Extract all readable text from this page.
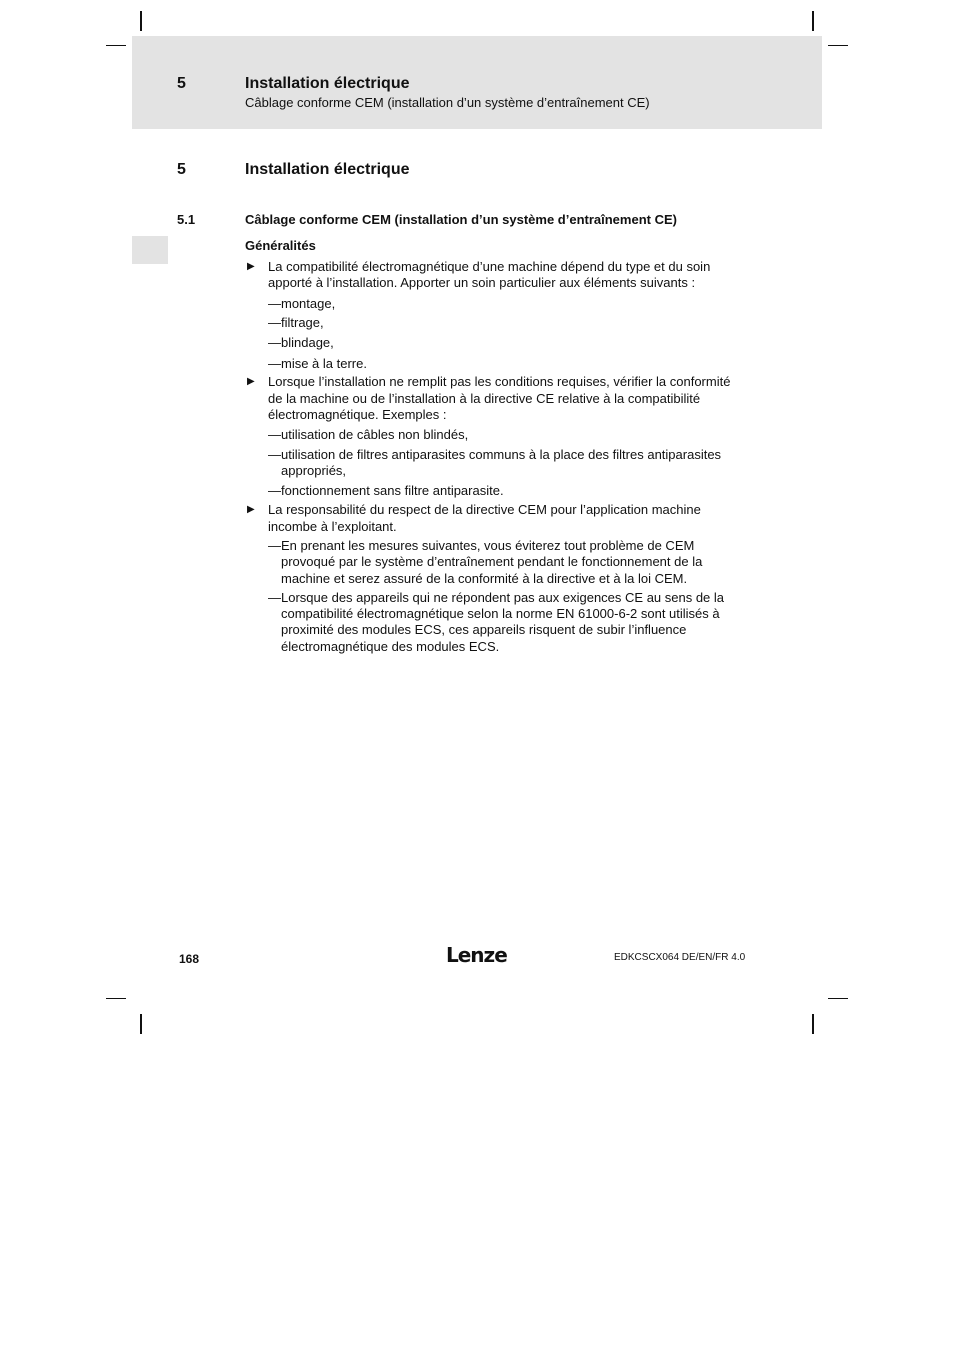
5	Installation électrique
Câblage conforme CEM (installation d’un système d’entraînement CE)
5	Installation électrique
5.1	Câblage conforme CEM (installation d’un système d’entraînement CE)
Généralités
▶ La compatibilité électromagnétique d’une machine dépend du type et du soin apporté à l’installation. Apporter un soin particulier aux éléments suivants :
— montage,
— filtrage,
— blindage,
— mise à la terre.
▶ Lorsque l’installation ne remplit pas les conditions requises, vérifier la conformité de la machine ou de l’installation à la directive CE relative à la compatibilité électromagnétique. Exemples :
— utilisation de câbles non blindés,
— utilisation de filtres antiparasites communs à la place des filtres antiparasites appropriés,
— fonctionnement sans filtre antiparasite.
▶ La responsabilité du respect de la directive CEM pour l’application machine incombe à l’exploitant.
— En prenant les mesures suivantes, vous éviterez tout problème de CEM provoqué par le système d’entraînement pendant le fonctionnement de la machine et serez assuré de la conformité à la directive et à la loi CEM.
— Lorsque des appareils qui ne répondent pas aux exigences CE au sens de la compatibilité électromagnétique selon la norme EN 61000-6-2 sont utilisés à proximité des modules ECS, ces appareils risquent de subir l’influence électromagnétique des modules ECS.
168	Lenze	EDKCSCX064 DE/EN/FR 4.0
